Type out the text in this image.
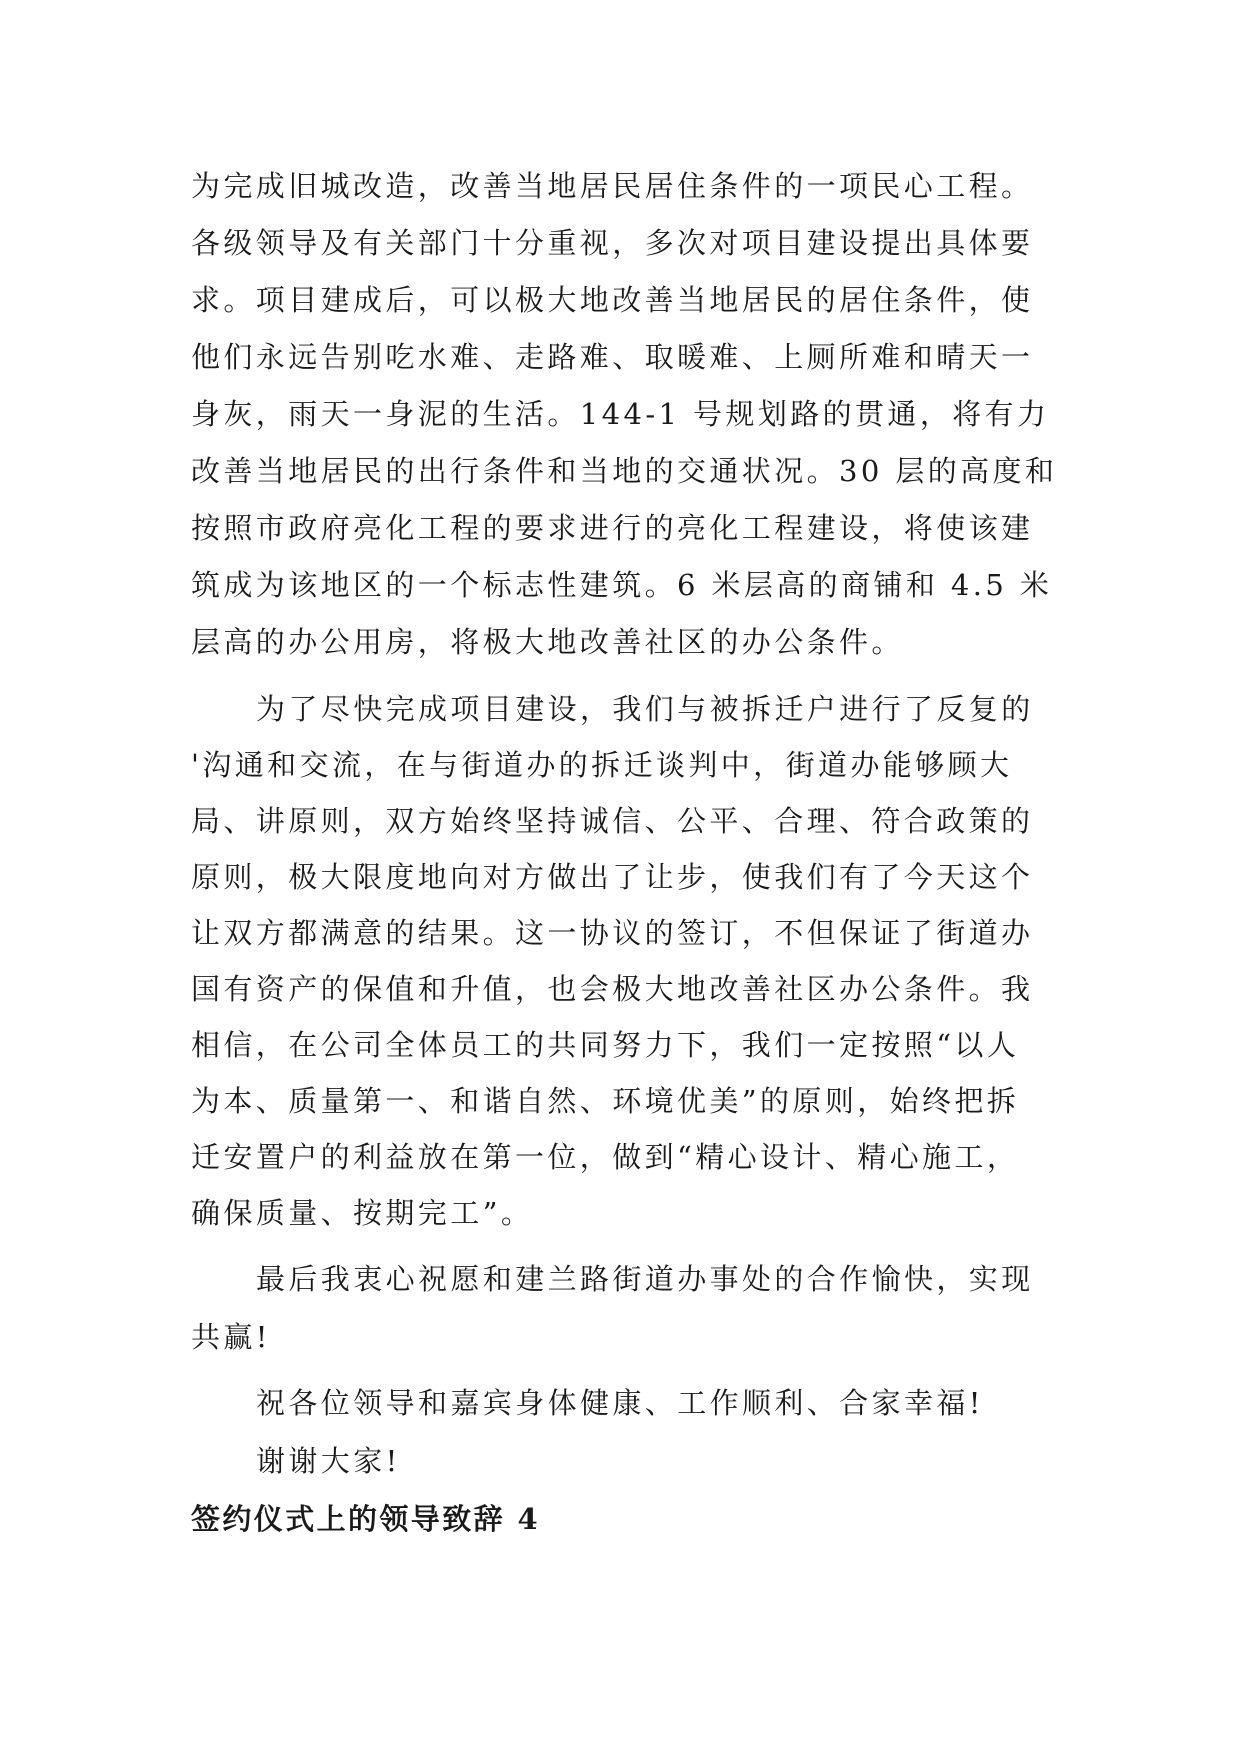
为完成旧城改造，改善当地居民居住条件的一项民心工程。

各级领导及有关部门十分重视，多次对项目建设提出具体要

求。项目建成后，可以极大地改善当地居民的居住条件，使

他们永远告别吃水难、走路难、取暖难、上厕所难和晴天一

身灰，雨天一身泥的生活。144-1 号规划路的贯通，将有力

改善当地居民的出行条件和当地的交通状况。30 层的高度和

按照市政府亮化工程的要求进行的亮化工程建设，将使该建

筑成为该地区的一个标志性建筑。6 米层高的商铺和 4.5 米

层高的办公用房，将极大地改善社区的办公条件。

为了尽快完成项目建设，我们与被拆迁户进行了反复的

'沟通和交流，在与街道办的拆迁谈判中，街道办能够顾大

局、讲原则，双方始终坚持诚信、公平、合理、符合政策的

原则，极大限度地向对方做出了让步，使我们有了今天这个

让双方都满意的结果。这一协议的签订，不但保证了街道办

国有资产的保值和升值，也会极大地改善社区办公条件。我

相信，在公司全体员工的共同努力下，我们一定按照“以人

为本、质量第一、和谐自然、环境优美”的原则，始终把拆

迁安置户的利益放在第一位，做到“精心设计、精心施工，

确保质量、按期完工”。

最后我衷心祝愿和建兰路街道办事处的合作愉快，实现

共赢!

祝各位领导和嘉宾身体健康、工作顺利、合家幸福!

谢谢大家!

签约仪式上的领导致辞 4
